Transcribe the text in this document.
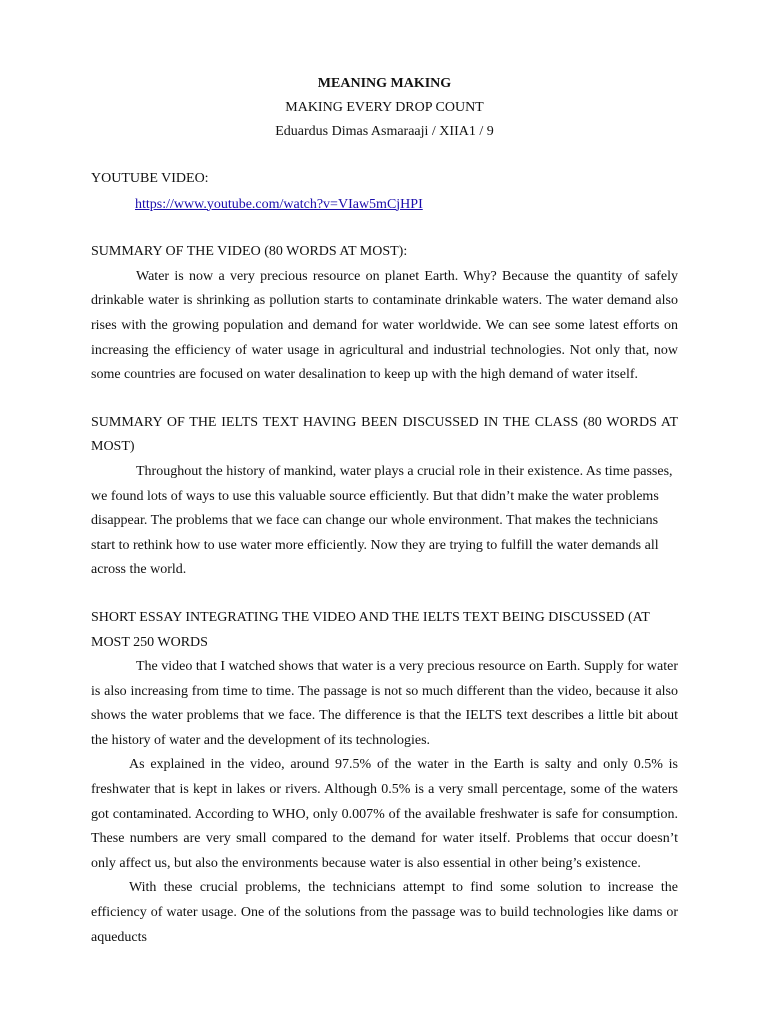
MEANING MAKING
MAKING EVERY DROP COUNT
Eduardus Dimas Asmaraaji / XIIA1 / 9
YOUTUBE VIDEO:
https://www.youtube.com/watch?v=VIaw5mCjHPI
SUMMARY OF THE VIDEO (80 WORDS AT MOST):

Water is now a very precious resource on planet Earth. Why? Because the quantity of safely drinkable water is shrinking as pollution starts to contaminate drinkable waters. The water demand also rises with the growing population and demand for water worldwide. We can see some latest efforts on increasing the efficiency of water usage in agricultural and industrial technologies. Not only that, now some countries are focused on water desalination to keep up with the high demand of water itself.

SUMMARY OF THE IELTS TEXT HAVING BEEN DISCUSSED IN THE CLASS (80 WORDS AT MOST)

Throughout the history of mankind, water plays a crucial role in their existence. As time passes, we found lots of ways to use this valuable source efficiently. But that didn’t make the water problems disappear. The problems that we face can change our whole environment. That makes the technicians start to rethink how to use water more efficiently. Now they are trying to fulfill the water demands all across the world.

SHORT ESSAY INTEGRATING THE VIDEO AND THE IELTS TEXT BEING DISCUSSED (AT MOST 250 WORDS

The video that I watched shows that water is a very precious resource on Earth. Supply for water is also increasing from time to time. The passage is not so much different than the video, because it also shows the water problems that we face. The difference is that the IELTS text describes a little bit about the history of water and the development of its technologies.

As explained in the video, around 97.5% of the water in the Earth is salty and only 0.5% is freshwater that is kept in lakes or rivers. Although 0.5% is a very small percentage, some of the waters got contaminated. According to WHO, only 0.007% of the available freshwater is safe for consumption. These numbers are very small compared to the demand for water itself. Problems that occur doesn’t only affect us, but also the environments because water is also essential in other being’s existence.

With these crucial problems, the technicians attempt to find some solution to increase the efficiency of water usage. One of the solutions from the passage was to build technologies like dams or aqueducts
